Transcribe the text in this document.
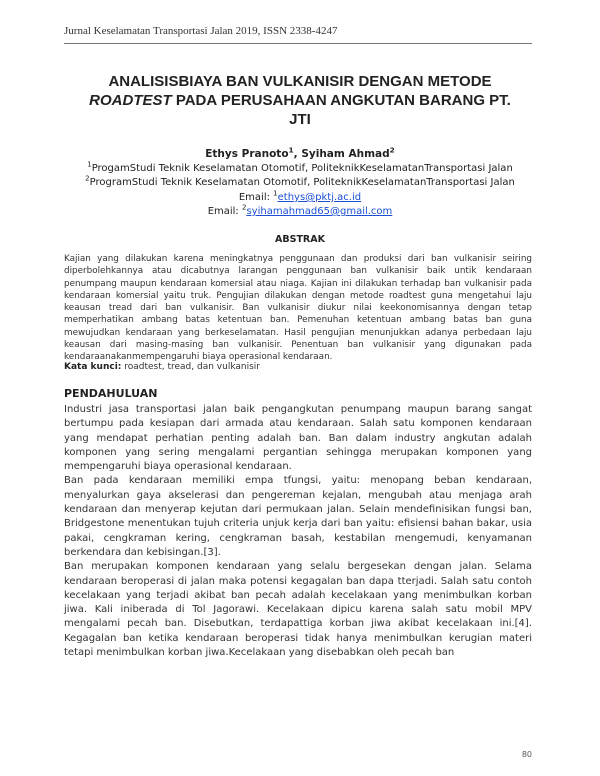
Jurnal Keselamatan Transportasi Jalan 2019, ISSN 2338-4247
ANALISISBIAYA BAN VULKANISIR DENGAN METODE
ROADTEST PADA PERUSAHAAN ANGKUTAN BARANG PT.
JTI
Ethys Pranoto$^1$, Syiham Ahmad$^2$
$^1$ProgamStudi Teknik Keselamatan Otomotif, PoliteknikKeselamatanTransportasi Jalan
$^2$ProgramStudi Teknik Keselamatan Otomotif, PoliteknikKeselamatanTransportasi Jalan
Email: $^1$ethys@pktj.ac.id
Email: $^2$syihamahmad65@gmail.com
ABSTRAK

Kajian yang dilakukan karena meningkatnya penggunaan dan produksi dari ban vulkanisir seiring diperbolehkannya atau dicabutnya larangan penggunaan ban vulkanisir baik untik kendaraan penumpang maupun kendaraan komersial atau niaga. Kajian ini dilakukan terhadap ban vulkanisir pada kendaraan komersial yaitu truk. Pengujian dilakukan dengan metode roadtest guna mengetahui laju keausan tread dari ban vulkanisir. Ban vulkanisir diukur nilai keekonomisannya dengan tetap memperhatikan ambang batas ketentuan ban. Pemenuhan ketentuan ambang batas ban guna mewujudkan kendaraan yang berkeselamatan. Hasil pengujian menunjukkan adanya perbedaan laju keausan dari masing-masing ban vulkanisir. Penentuan ban vulkanisir yang digunakan pada kendaraanakanmempengaruhi biaya operasional kendaraan.

Kata kunci: roadtest, tread, dan vulkanisir
PENDAHULUAN

Industri jasa transportasi jalan baik pengangkutan penumpang maupun barang sangat bertumpu pada kesiapan dari armada atau kendaraan. Salah satu komponen kendaraan yang mendapat perhatian penting adalah ban. Ban dalam industry angkutan adalah komponen yang sering mengalami pergantian sehingga merupakan komponen yang mempengaruhi biaya operasional kendaraan.

Ban pada kendaraan memiliki empa tfungsi, yaitu: menopang beban kendaraan, menyalurkan gaya akselerasi dan pengereman kejalan, mengubah atau menjaga arah kendaraan dan menyerap kejutan dari permukaan jalan. Selain mendefinisikan fungsi ban, Bridgestone menentukan tujuh criteria unjuk kerja dari ban yaitu: efisiensi bahan bakar, usia pakai, cengkraman kering, cengkraman basah, kestabilan mengemudi, kenyamanan berkendara dan kebisingan.[3].

Ban merupakan komponen kendaraan yang selalu bergesekan dengan jalan. Selama kendaraan beroperasi di jalan maka potensi kegagalan ban dapa tterjadi. Salah satu contoh kecelakaan yang terjadi akibat ban pecah adalah kecelakaan yang menimbulkan korban jiwa. Kali iniberada di Tol Jagorawi. Kecelakaan dipicu karena salah satu mobil MPV mengalami pecah ban. Disebutkan, terdapattiga korban jiwa akibat kecelakaan ini.[4]. Kegagalan ban ketika kendaraan beroperasi tidak hanya menimbulkan kerugian materi tetapi menimbulkan korban jiwa.Kecelakaan yang disebabkan oleh pecah ban

80
